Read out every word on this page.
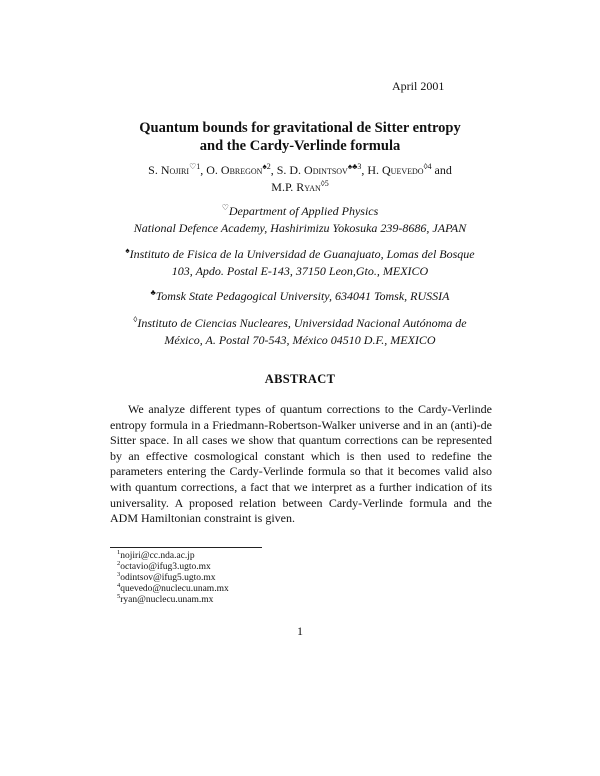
April 2001
Quantum bounds for gravitational de Sitter entropy
and the Cardy-Verlinde formula
S. Nojiri$^{♡1}$, O. Obregon$^{♠2}$, S. D. Odintsov$^{♠♣3}$, H. Quevedo$^{◊4}$ and
M.P. Ryan$^{◊5}$
♡Department of Applied Physics
National Defence Academy, Hashirimizu Yokosuka 239-8686, JAPAN
♠Instituto de Fisica de la Universidad de Guanajuato, Lomas del Bosque
103, Apdo. Postal E-143, 37150 Leon,Gto., MEXICO
♣Tomsk State Pedagogical University, 634041 Tomsk, RUSSIA
◊Instituto de Ciencias Nucleares, Universidad Nacional Autónoma de
México, A. Postal 70-543, México 04510 D.F., MEXICO
ABSTRACT
We analyze different types of quantum corrections to the Cardy-Verlinde entropy formula in a Friedmann-Robertson-Walker universe and in an (anti)-de Sitter space. In all cases we show that quantum corrections can be represented by an effective cosmological constant which is then used to redefine the parameters entering the Cardy-Verlinde formula so that it becomes valid also with quantum corrections, a fact that we interpret as a further indication of its universality. A proposed relation between Cardy-Verlinde formula and the ADM Hamiltonian constraint is given.
$^1$nojiri@cc.nda.ac.jp
$^2$octavio@ifug3.ugto.mx
$^3$odintsov@ifug5.ugto.mx
$^4$quevedo@nuclecu.unam.mx
$^5$ryan@nuclecu.unam.mx
1
